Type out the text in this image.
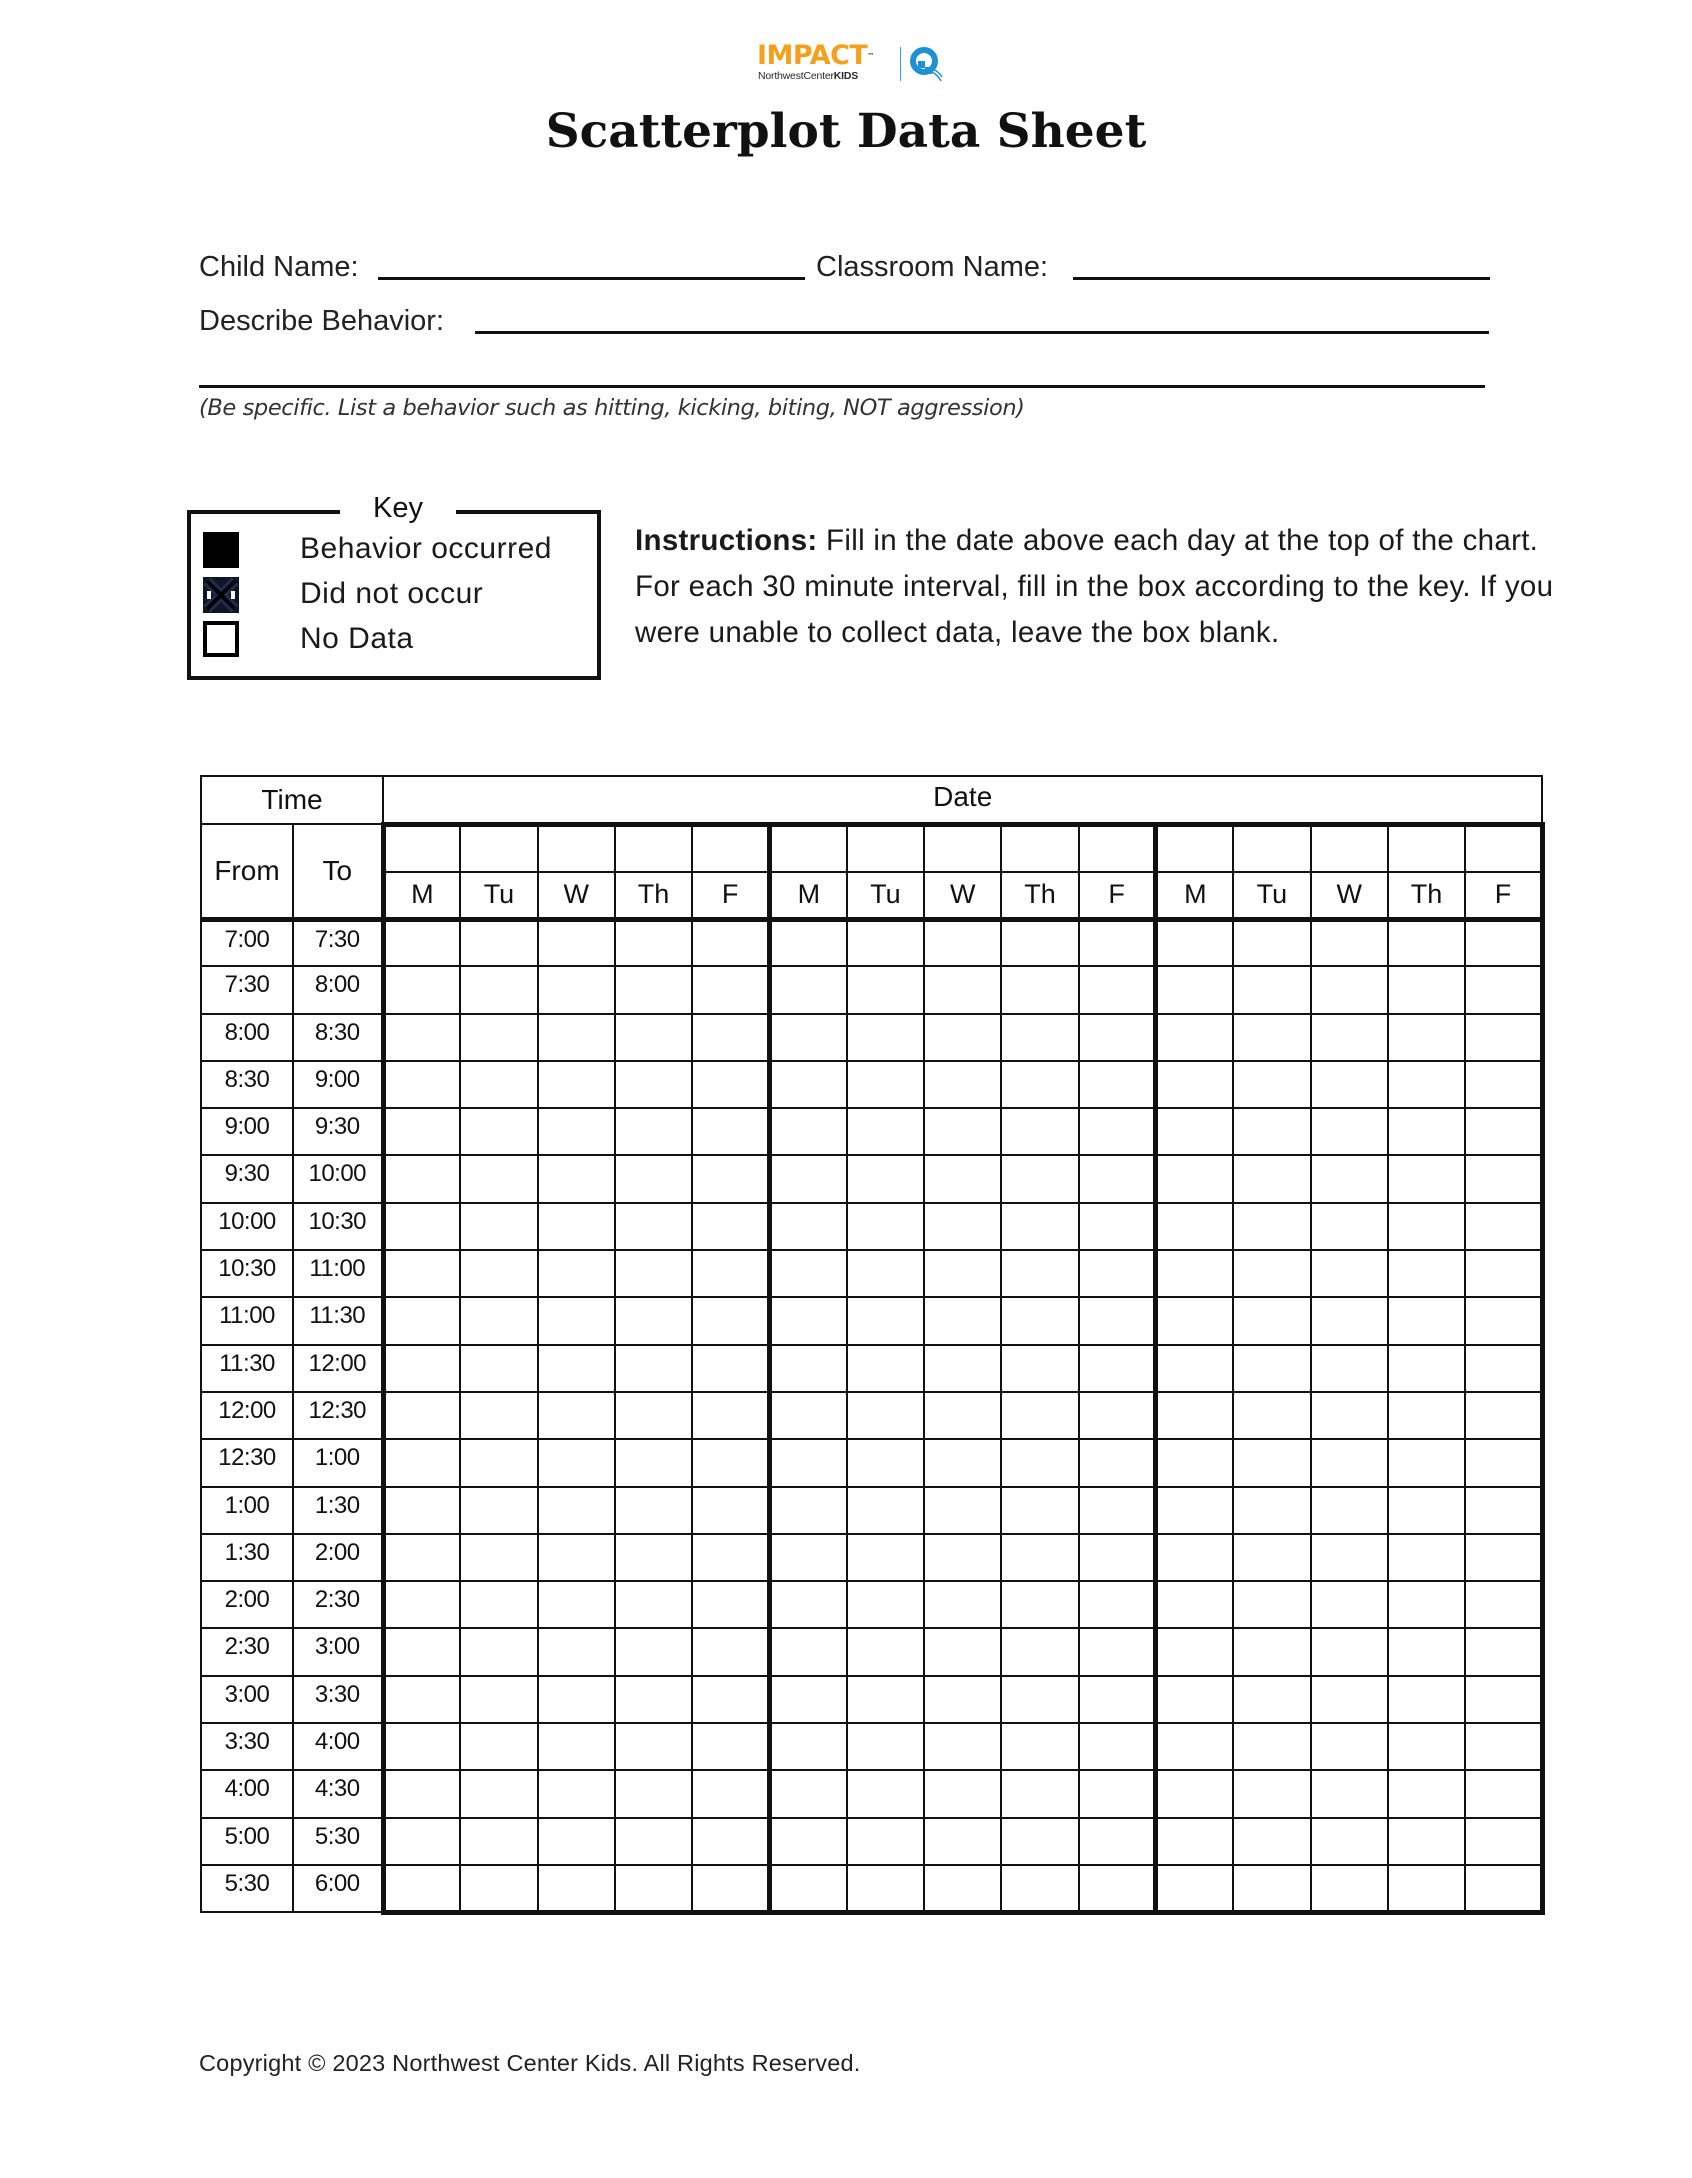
IMPACT™
NorthwestCenterKIDS
Scatterplot Data Sheet
Child Name:	Classroom Name:
Describe Behavior:
(Be specific. List a behavior such as hitting, kicking, biting, NOT aggression)
Behavior occurred
Did not occur
No Data
Key
Instructions: Fill in the date above each day at the top of the chart. For each 30 minute interval, fill in the box according to the key. If you were unable to collect data, leave the box blank.
Time		Date														
From	To															
		M	Tu	W	Th	F	M	Tu	W	Th	F	M	Tu	W	Th	F
7:00	7:30															
7:30	8:00															
8:00	8:30															
8:30	9:00															
9:00	9:30															
9:30	10:00															
10:00	10:30															
10:30	11:00															
11:00	11:30															
11:30	12:00															
12:00	12:30															
12:30	1:00															
1:00	1:30															
1:30	2:00															
2:00	2:30															
2:30	3:00															
3:00	3:30															
3:30	4:00															
4:00	4:30															
5:00	5:30															
5:30	6:00															
Copyright © 2023 Northwest Center Kids. All Rights Reserved.
